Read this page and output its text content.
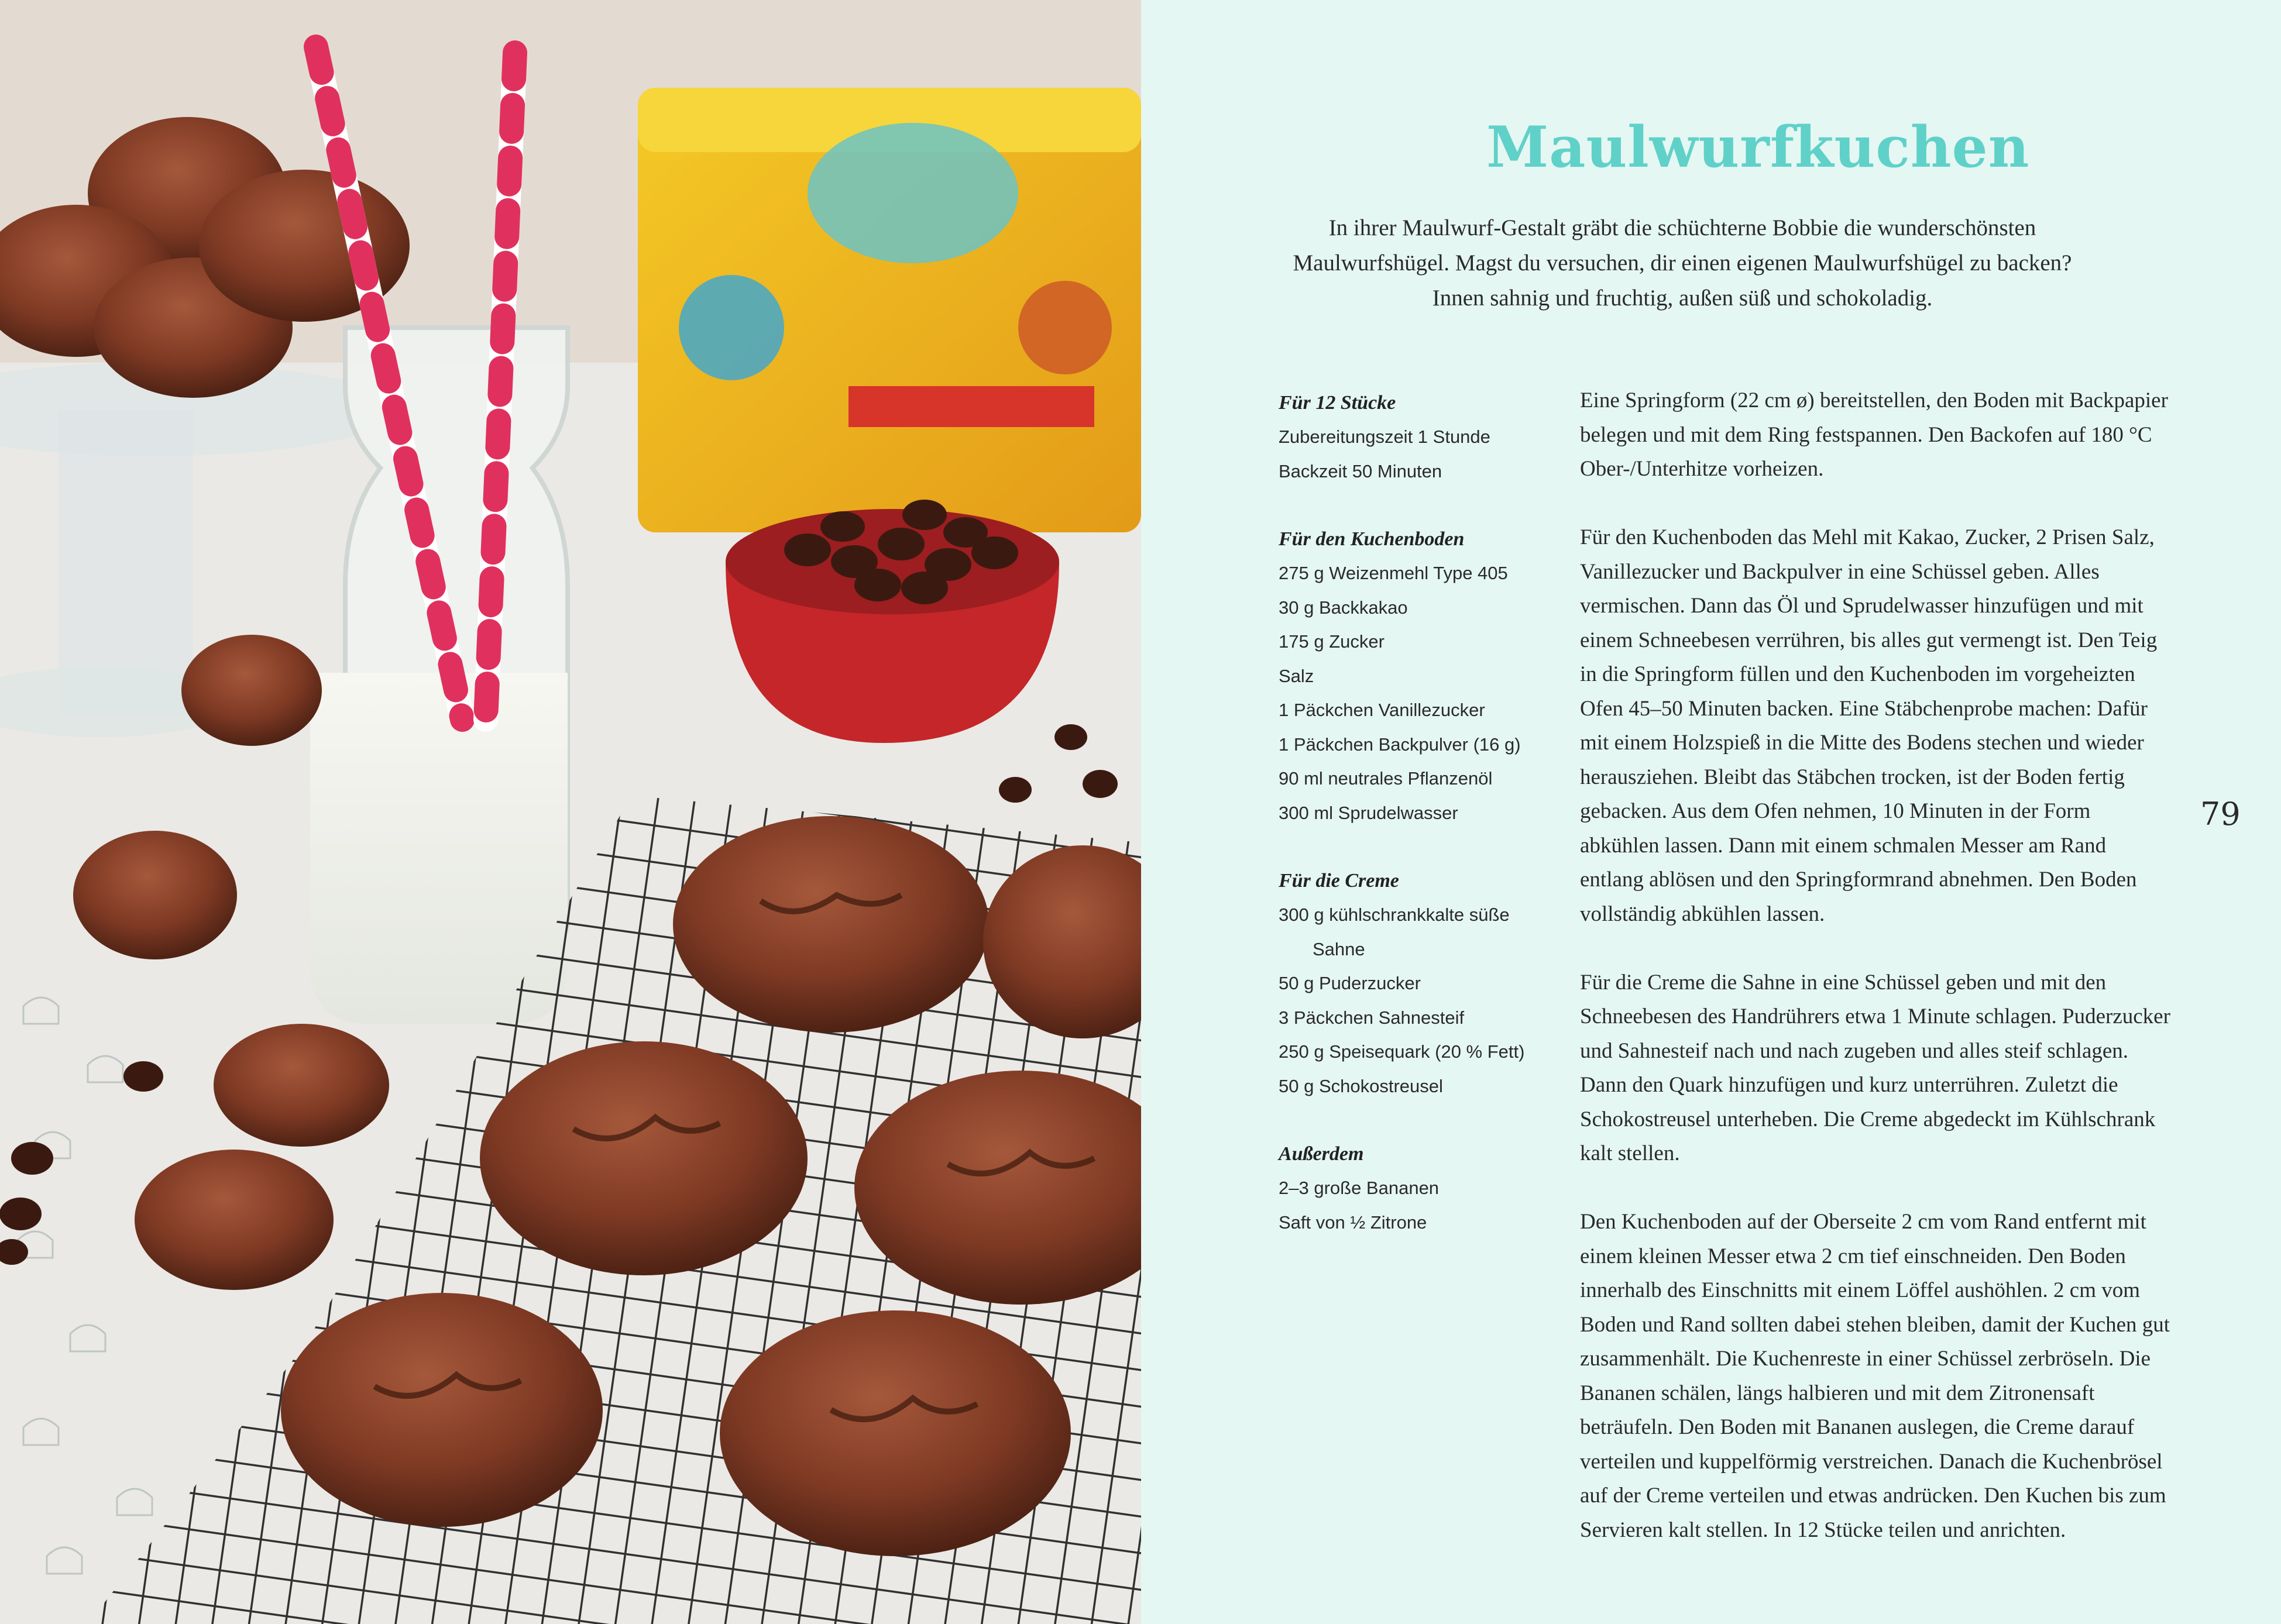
Maulwurfkuchen
In ihrer Maulwurf-Gestalt gräbt die schüchterne Bobbie die wunderschönsten Maulwurfshügel. Magst du versuchen, dir einen eigenen Maulwurfshügel zu backen? Innen sahnig und fruchtig, außen süß und schokoladig.
Für 12 Stücke
Zubereitungszeit 1 Stunde
Backzeit 50 Minuten
Für den Kuchenboden
275 g Weizenmehl Type 405
30 g Backkakao
175 g Zucker
Salz
1 Päckchen Vanillezucker
1 Päckchen Backpulver (16 g)
90 ml neutrales Pflanzenöl
300 ml Sprudelwasser
Für die Creme
300 g kühlschrankkalte süße
Sahne
50 g Puderzucker
3 Päckchen Sahnesteif
250 g Speisequark (20 % Fett)
50 g Schokostreusel
Außerdem
2–3 große Bananen
Saft von ½ Zitrone

Eine Springform (22 cm ø) bereitstellen, den Boden mit Backpapier belegen und mit dem Ring festspannen. Den Backofen auf 180 °C Ober-/Unterhitze vorheizen.

Für den Kuchenboden das Mehl mit Kakao, Zucker, 2 Prisen Salz, Vanillezucker und Backpulver in eine Schüssel geben. Alles vermischen. Dann das Öl und Sprudelwasser hinzufügen und mit einem Schneebesen verrühren, bis alles gut vermengt ist. Den Teig in die Springform füllen und den Kuchenboden im vorgeheizten Ofen 45–50 Minuten backen. Eine Stäbchenprobe machen: Dafür mit einem Holzspieß in die Mitte des Bodens stechen und wieder herausziehen. Bleibt das Stäbchen trocken, ist der Boden fertig gebacken. Aus dem Ofen nehmen, 10 Minuten in der Form abkühlen lassen. Dann mit einem schmalen Messer am Rand entlang ablösen und den Springformrand abnehmen. Den Boden vollständig abkühlen lassen.

Für die Creme die Sahne in eine Schüssel geben und mit den Schneebesen des Handrührers etwa 1 Minute schlagen. Puderzucker und Sahnesteif nach und nach zugeben und alles steif schlagen. Dann den Quark hinzufügen und kurz unterrühren. Zuletzt die Schokostreusel unterheben. Die Creme abgedeckt im Kühlschrank kalt stellen.

Den Kuchenboden auf der Oberseite 2 cm vom Rand entfernt mit einem kleinen Messer etwa 2 cm tief einschneiden. Den Boden innerhalb des Einschnitts mit einem Löffel aushöhlen. 2 cm vom Boden und Rand sollten dabei stehen bleiben, damit der Kuchen gut zusammenhält. Die Kuchenreste in einer Schüssel zerbröseln. Die Bananen schälen, längs halbieren und mit dem Zitronensaft beträufeln. Den Boden mit Bananen auslegen, die Creme darauf verteilen und kuppelförmig verstreichen. Danach die Kuchenbrösel auf der Creme verteilen und etwas andrücken. Den Kuchen bis zum Servieren kalt stellen. In 12 Stücke teilen und anrichten.

79
